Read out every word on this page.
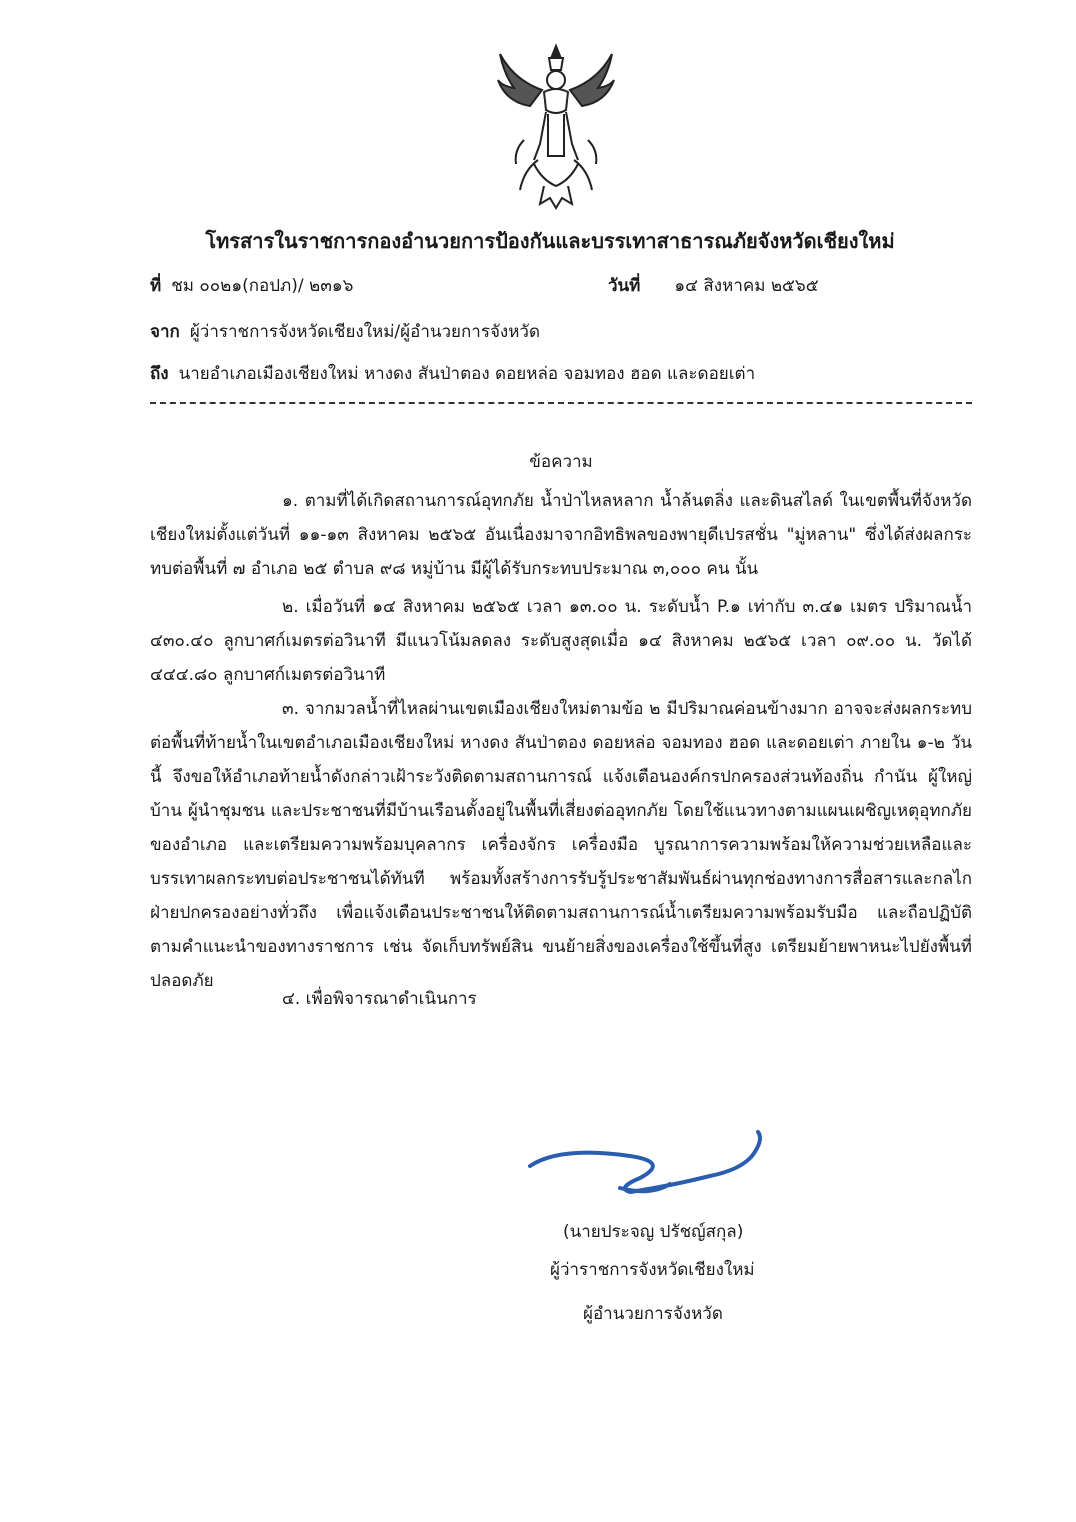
โทรสารในราชการกองอำนวยการป้องกันและบรรเทาสาธารณภัยจังหวัดเชียงใหม่
ที่ ชม ๐๐๒๑(กอปภ)/ ๒๓๑๖	วันที่ ๑๔ สิงหาคม ๒๕๖๕
จาก ผู้ว่าราชการจังหวัดเชียงใหม่/ผู้อำนวยการจังหวัด
ถึง นายอำเภอเมืองเชียงใหม่ หางดง สันป่าตอง ดอยหล่อ จอมทอง ฮอด และดอยเต่า
ข้อความ

๑. ตามที่ได้เกิดสถานการณ์อุทกภัย น้ำป่าไหลหลาก น้ำล้นตลิ่ง และดินสไลด์ ในเขตพื้นที่จังหวัดเชียงใหม่ตั้งแต่วันที่ ๑๑-๑๓ สิงหาคม ๒๕๖๕ อันเนื่องมาจากอิทธิพลของพายุดีเปรสชั่น "มู่หลาน" ซึ่งได้ส่งผลกระทบต่อพื้นที่ ๗ อำเภอ ๒๕ ตำบล ๙๘ หมู่บ้าน มีผู้ได้รับกระทบประมาณ ๓,๐๐๐ คน นั้น

๒. เมื่อวันที่ ๑๔ สิงหาคม ๒๕๖๕ เวลา ๑๓.๐๐ น. ระดับน้ำ P.๑ เท่ากับ ๓.๔๑ เมตร ปริมาณน้ำ ๔๓๐.๔๐ ลูกบาศก์เมตรต่อวินาที มีแนวโน้มลดลง ระดับสูงสุดเมื่อ ๑๔ สิงหาคม ๒๕๖๕ เวลา ๐๙.๐๐ น. วัดได้ ๔๔๔.๘๐ ลูกบาศก์เมตรต่อวินาที

๓. จากมวลน้ำที่ไหลผ่านเขตเมืองเชียงใหม่ตามข้อ ๒ มีปริมาณค่อนข้างมาก อาจจะส่งผลกระทบต่อพื้นที่ท้ายน้ำในเขตอำเภอเมืองเชียงใหม่ หางดง สันป่าตอง ดอยหล่อ จอมทอง ฮอด และดอยเต่า ภายใน ๑-๒ วันนี้ จึงขอให้อำเภอท้ายน้ำดังกล่าวเฝ้าระวังติดตามสถานการณ์ แจ้งเตือนองค์กรปกครองส่วนท้องถิ่น กำนัน ผู้ใหญ่บ้าน ผู้นำชุมชน และประชาชนที่มีบ้านเรือนตั้งอยู่ในพื้นที่เสี่ยงต่ออุทกภัย โดยใช้แนวทางตามแผนเผชิญเหตุอุทกภัยของอำเภอ และเตรียมความพร้อมบุคลากร เครื่องจักร เครื่องมือ บูรณาการความพร้อมให้ความช่วยเหลือและบรรเทาผลกระทบต่อประชาชนได้ทันที พร้อมทั้งสร้างการรับรู้ประชาสัมพันธ์ผ่านทุกช่องทางการสื่อสารและกลไกฝ่ายปกครองอย่างทั่วถึง เพื่อแจ้งเตือนประชาชนให้ติดตามสถานการณ์น้ำเตรียมความพร้อมรับมือ และถือปฏิบัติตามคำแนะนำของทางราชการ เช่น จัดเก็บทรัพย์สิน ขนย้ายสิ่งของเครื่องใช้ขึ้นที่สูง เตรียมย้ายพาหนะไปยังพื้นที่ปลอดภัย

๔. เพื่อพิจารณาดำเนินการ

(นายประจญ ปรัชญ์สกุล)
ผู้ว่าราชการจังหวัดเชียงใหม่
ผู้อำนวยการจังหวัด
